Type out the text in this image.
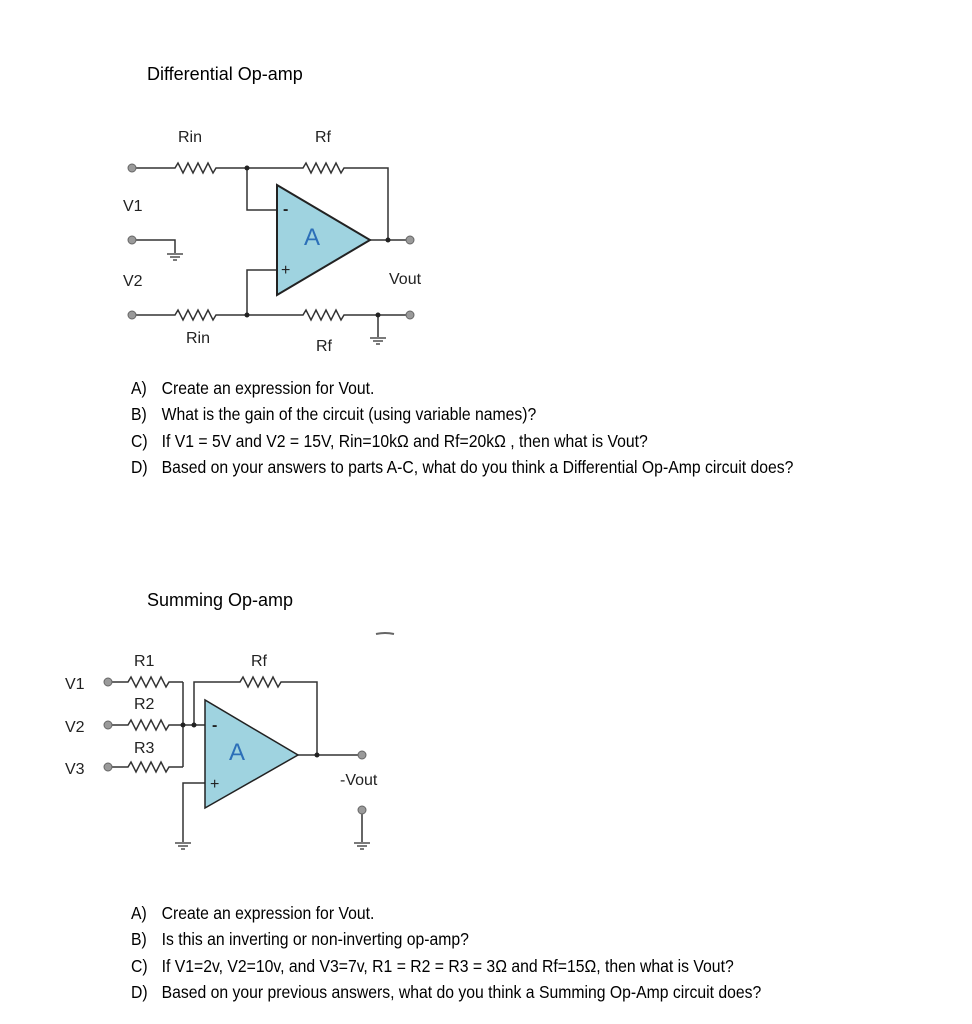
Differential Op-amp
Rin	Rf
V1
V2	Vout
Rin	Rf
A
-
+
V1
V2
V3
R1
R2
R3
Rf
A
-
+	-Vout
A) Create an expression for Vout.
B) What is the gain of the circuit (using variable names)?
C) If V1 = 5V and V2 = 15V, Rin=10kΩ and Rf=20kΩ , then what is Vout?
D) Based on your answers to parts A-C, what do you think a Differential Op-Amp circuit does?
Summing Op-amp
A) Create an expression for Vout.
B) Is this an inverting or non-inverting op-amp?
C) If V1=2v, V2=10v, and V3=7v, R1 = R2 = R3 = 3Ω and Rf=15Ω, then what is Vout?
D) Based on your previous answers, what do you think a Summing Op-Amp circuit does?
